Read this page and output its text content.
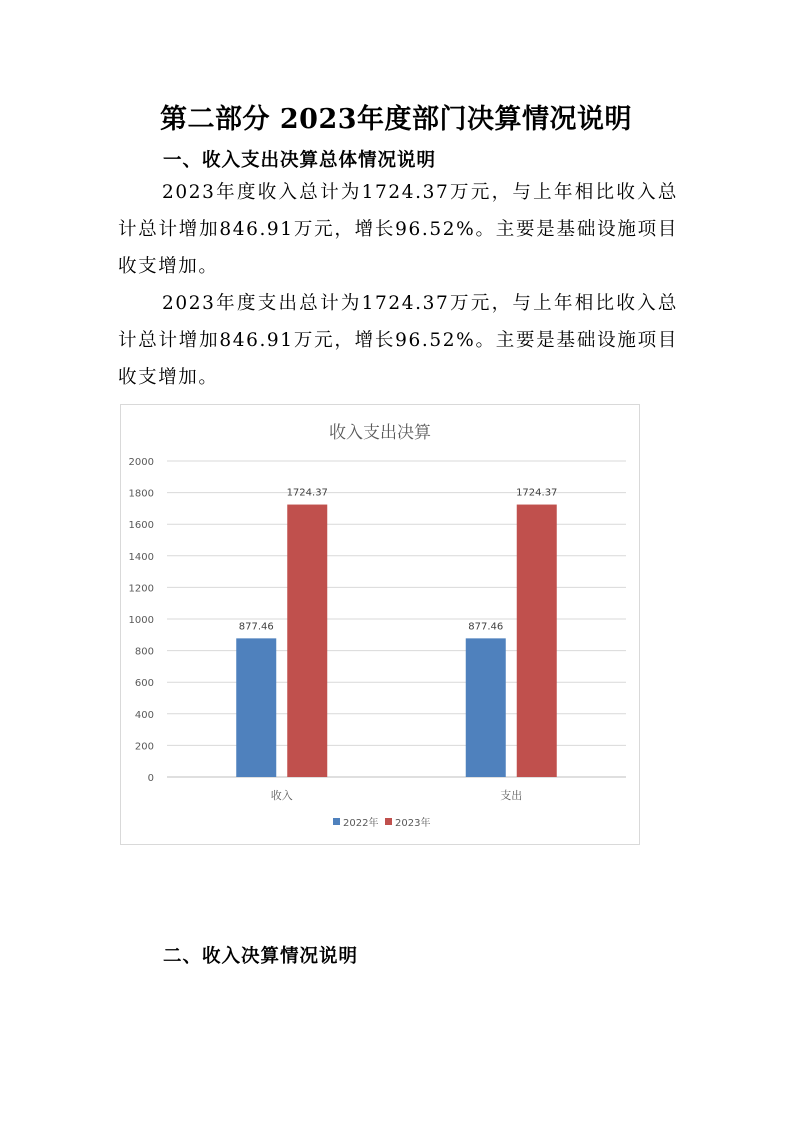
第二部分 2023年度部门决算情况说明
一、收入支出决算总体情况说明
2023年度收入总计为1724.37万元，与上年相比收入总计总计增加846.91万元，增长96.52%。主要是基础设施项目收支增加。
2023年度支出总计为1724.37万元，与上年相比收入总计总计增加846.91万元，增长96.52%。主要是基础设施项目收支增加。
收入支出决算
0
200
400
600
800
1000
1200
1400
1600
1800
2000
877.46
1724.37
收入
877.46
1724.37
支出
2022年 2023年
二、收入决算情况说明
